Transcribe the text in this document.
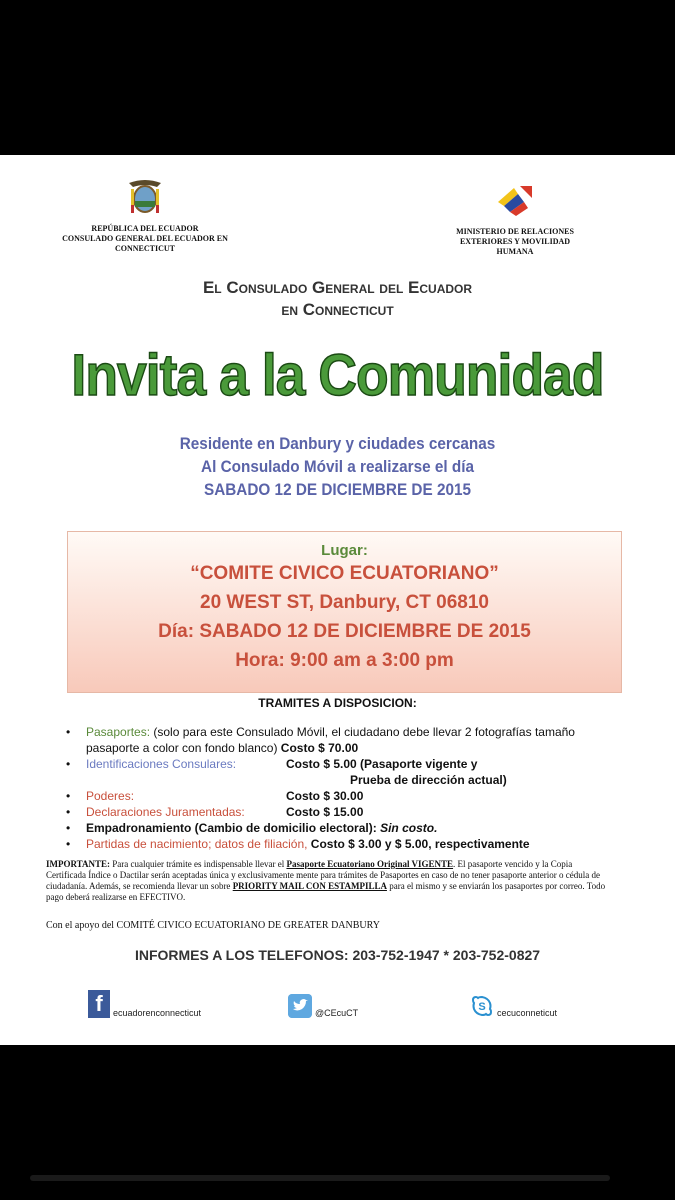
REPÚBLICA DEL ECUADOR
CONSULADO GENERAL DEL ECUADOR EN
CONNECTICUT
MINISTERIO DE RELACIONES
EXTERIORES Y MOVILIDAD
HUMANA
El Consulado General del Ecuador
en Connecticut
Invita a la Comunidad
Residente en Danbury y ciudades cercanas
Al Consulado Móvil a realizarse el día
SABADO 12 DE DICIEMBRE DE 2015
Lugar:
“COMITE CIVICO ECUATORIANO”
20 WEST ST, Danbury, CT 06810
Día: SABADO 12 DE DICIEMBRE DE 2015
Hora: 9:00 am a 3:00 pm
TRAMITES A DISPOSICION:
• Pasaportes: (solo para este Consulado Móvil, el ciudadano debe llevar 2 fotografías tamaño pasaporte a color con fondo blanco) Costo $ 70.00
• Identificaciones Consulares:	Costo $ 5.00 (Pasaporte vigente y
Prueba de dirección actual)
• Poderes:	Costo $ 30.00
• Declaraciones Juramentadas:	Costo $ 15.00
• Empadronamiento (Cambio de domicilio electoral): Sin costo.
• Partidas de nacimiento; datos de filiación, Costo $ 3.00 y $ 5.00, respectivamente
IMPORTANTE: Para cualquier trámite es indispensable llevar el Pasaporte Ecuatoriano Original VIGENTE. El pasaporte vencido y la Copia Certificada Índice o Dactilar serán aceptadas única y exclusivamente mente para trámites de Pasaportes en caso de no tener pasaporte anterior o cédula de ciudadanía. Además, se recomienda llevar un sobre PRIORITY MAIL CON ESTAMPILLA para el mismo y se enviarán los pasaportes por correo. Todo pago deberá realizarse en EFECTIVO.
Con el apoyo del COMITÉ CIVICO ECUATORIANO DE GREATER DANBURY
INFORMES A LOS TELEFONOS: 203-752-1947 * 203-752-0827
f	ecuadorenconnecticut	@CEcuCT	S cecuconneticut
